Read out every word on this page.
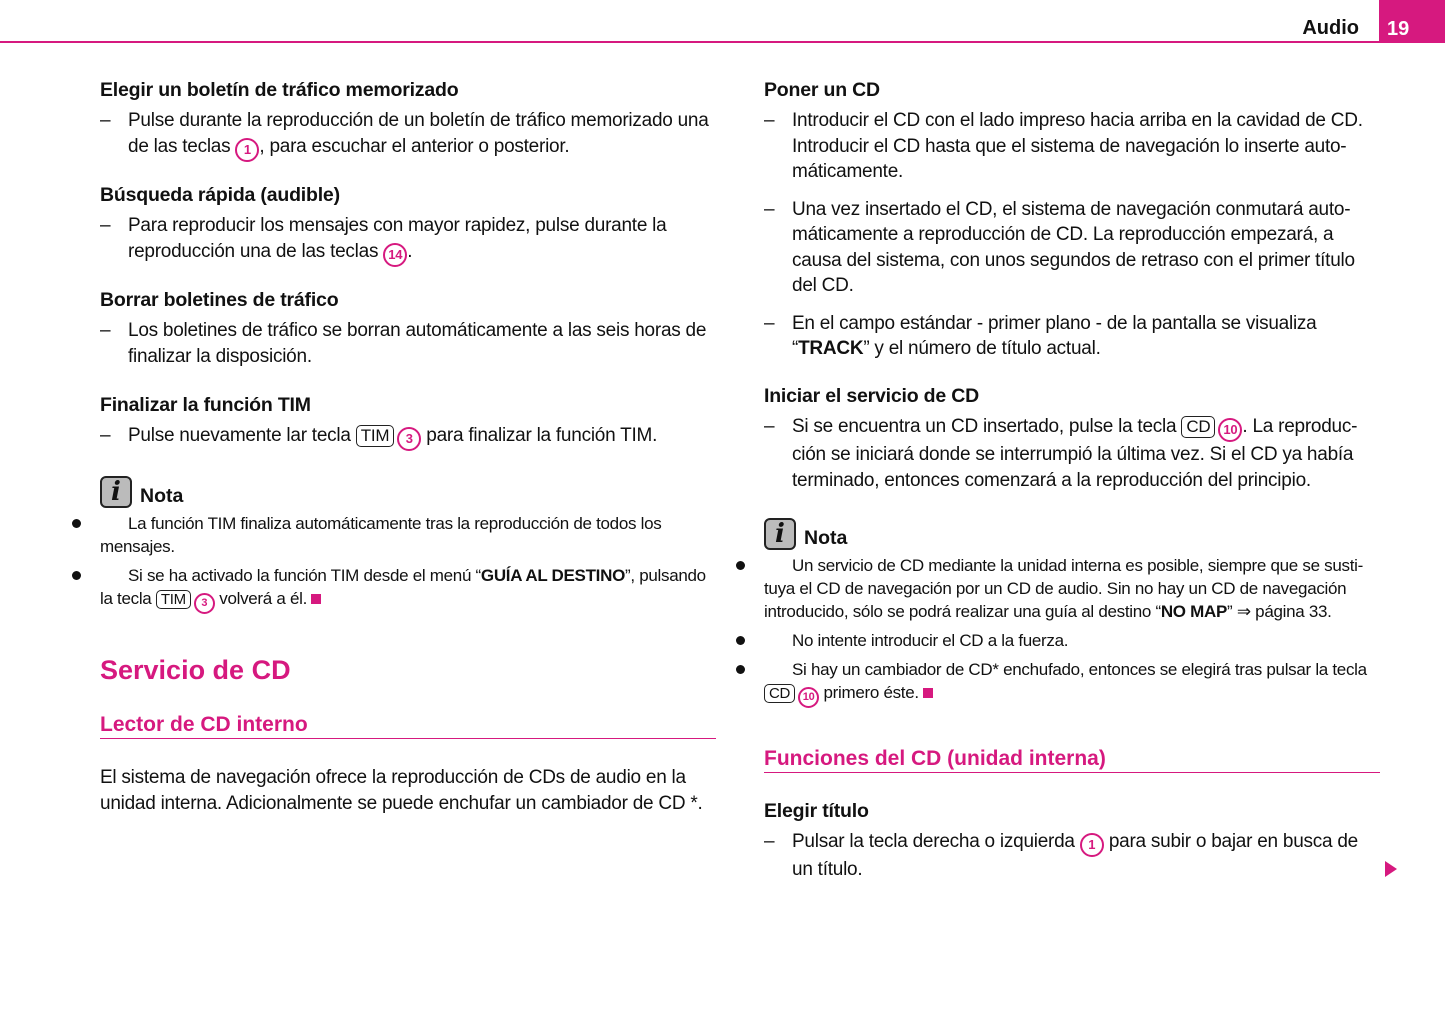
Audio	19
Elegir un boletín de tráfico memorizado
– Pulse durante la reproducción de un boletín de tráfico memorizado una de las teclas 1 , para escuchar el anterior o posterior.
Búsqueda rápida (audible)
– Para reproducir los mensajes con mayor rapidez, pulse durante la reproducción una de las teclas 14 .
Borrar boletines de tráfico
– Los boletines de tráfico se borran automáticamente a las seis horas de finalizar la disposición.
Finalizar la función TIM
– Pulse nuevamente lar tecla TIM 3 para finalizar la función TIM.
i Nota
La función TIM finaliza automáticamente tras la reproducción de todos los mensajes.
Si se ha activado la función TIM desde el menú “GUÍA AL DESTINO”, pulsando la tecla TIM 3 volverá a él.
Servicio de CD
Lector de CD interno
El sistema de navegación ofrece la reproducción de CDs de audio en la unidad interna. Adicionalmente se puede enchufar un cambiador de CD *.
Poner un CD
– Introducir el CD con el lado impreso hacia arriba en la cavidad de CD. Introducir el CD hasta que el sistema de navegación lo inserte automáticamente.
– Una vez insertado el CD, el sistema de navegación conmutará automáticamente a reproducción de CD. La reproducción empezará, a causa del sistema, con unos segundos de retraso con el primer título del CD.
– En el campo estándar - primer plano - de la pantalla se visualiza “TRACK” y el número de título actual.
Iniciar el servicio de CD
– Si se encuentra un CD insertado, pulse la tecla CD 10 . La reproducción se iniciará donde se interrumpió la última vez. Si el CD ya había terminado, entonces comenzará a la reproducción del principio.
i Nota
Un servicio de CD mediante la unidad interna es posible, siempre que se sustituya el CD de navegación por un CD de audio. Sin no hay un CD de navegación introducido, sólo se podrá realizar una guía al destino “NO MAP” ⇒ página 33.
No intente introducir el CD a la fuerza.
Si hay un cambiador de CD* enchufado, entonces se elegirá tras pulsar la tecla CD 10 primero éste.
Funciones del CD (unidad interna)
Elegir título
– Pulsar la tecla derecha o izquierda 1 para subir o bajar en busca de un título.
